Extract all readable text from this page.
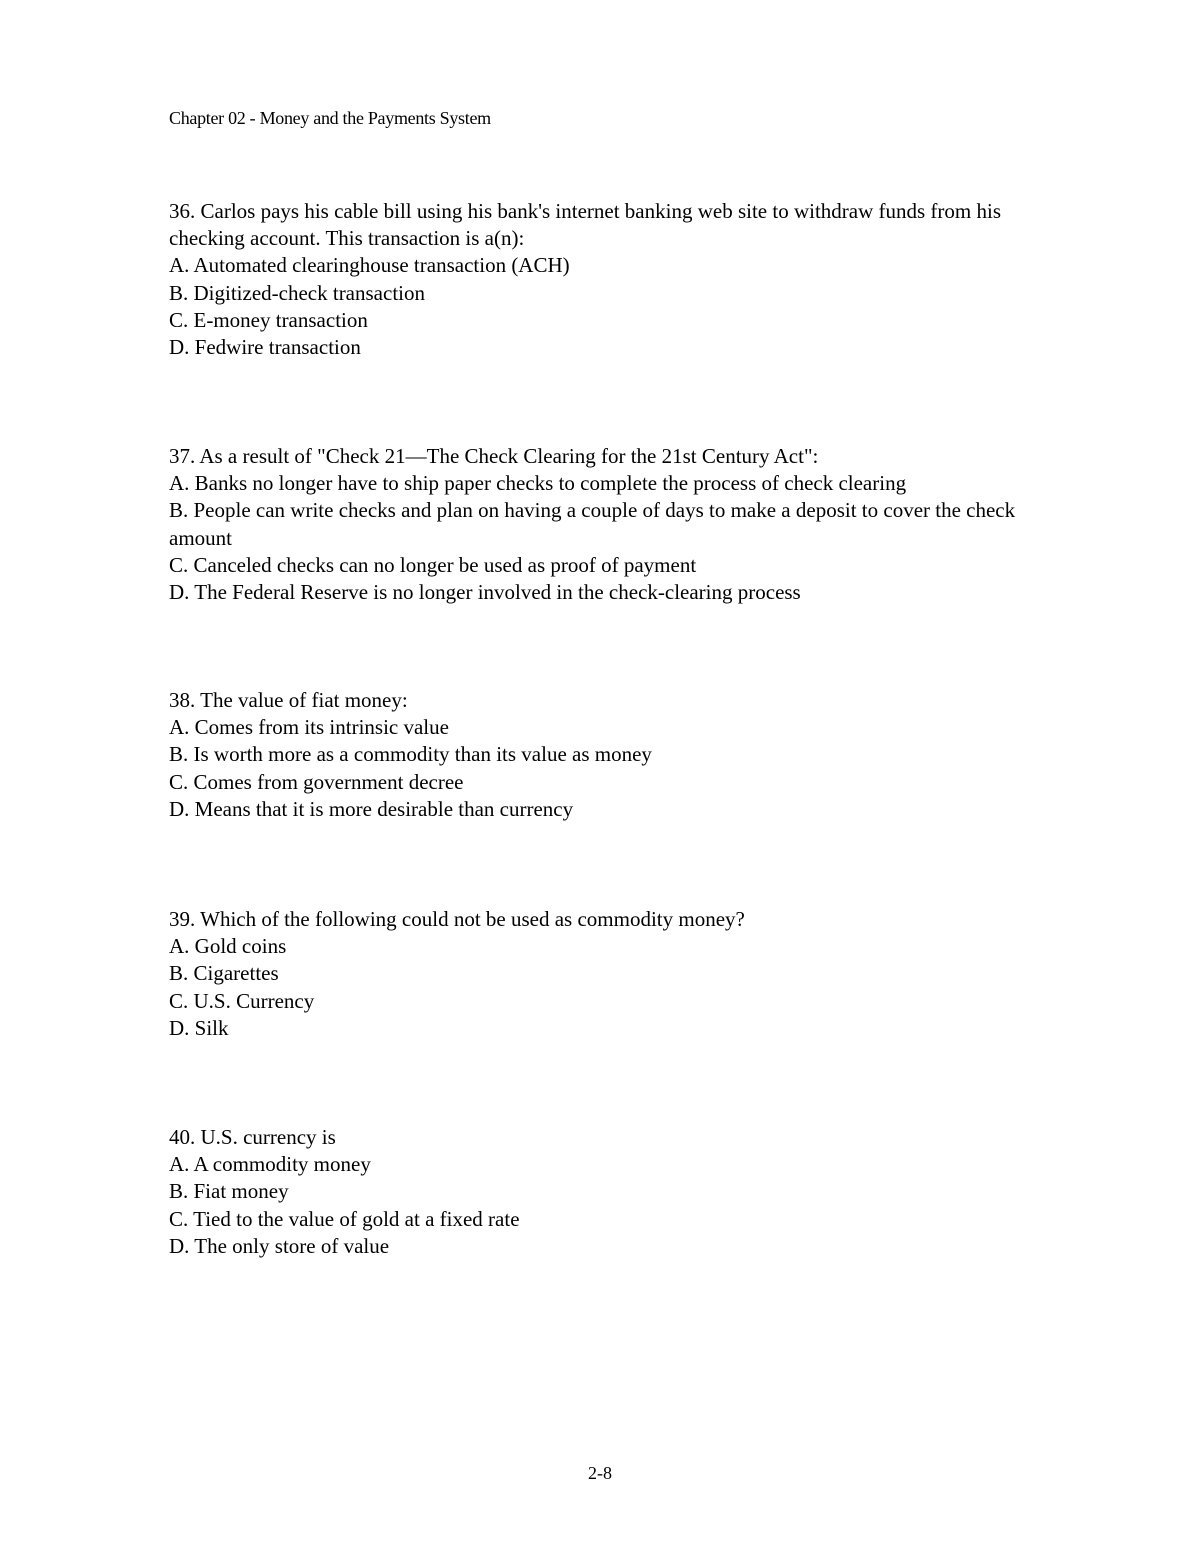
Chapter 02 - Money and the Payments System
36. Carlos pays his cable bill using his bank's internet banking web site to withdraw funds from his checking account. This transaction is a(n):
A. Automated clearinghouse transaction (ACH)
B. Digitized-check transaction
C. E-money transaction
D. Fedwire transaction
37. As a result of "Check 21—The Check Clearing for the 21st Century Act":
A. Banks no longer have to ship paper checks to complete the process of check clearing
B. People can write checks and plan on having a couple of days to make a deposit to cover the check amount
C. Canceled checks can no longer be used as proof of payment
D. The Federal Reserve is no longer involved in the check-clearing process
38. The value of fiat money:
A. Comes from its intrinsic value
B. Is worth more as a commodity than its value as money
C. Comes from government decree
D. Means that it is more desirable than currency
39. Which of the following could not be used as commodity money?
A. Gold coins
B. Cigarettes
C. U.S. Currency
D. Silk
40. U.S. currency is
A. A commodity money
B. Fiat money
C. Tied to the value of gold at a fixed rate
D. The only store of value
2-8
